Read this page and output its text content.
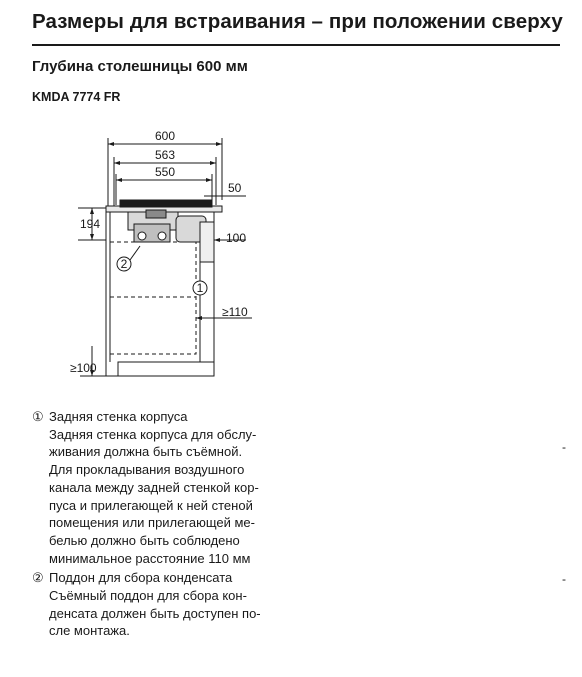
Размеры для встраивания – при положении сверху
Глубина столешницы 600 мм
KMDA 7774 FR
1
2
600
563
550
50
194
100
≥110
≥100
① Задняя стенка корпуса
Задняя стенка корпуса для обслу-
живания должна быть съёмной.
Для прокладывания воздушного
канала между задней стенкой кор-
пуса и прилегающей к ней стеной
помещения или прилегающей ме-
белью должно быть соблюдено
минимальное расстояние 110 мм
② Поддон для сбора конденсата
Съёмный поддон для сбора кон-
денсата должен быть доступен по-
сле монтажа.
-
-
